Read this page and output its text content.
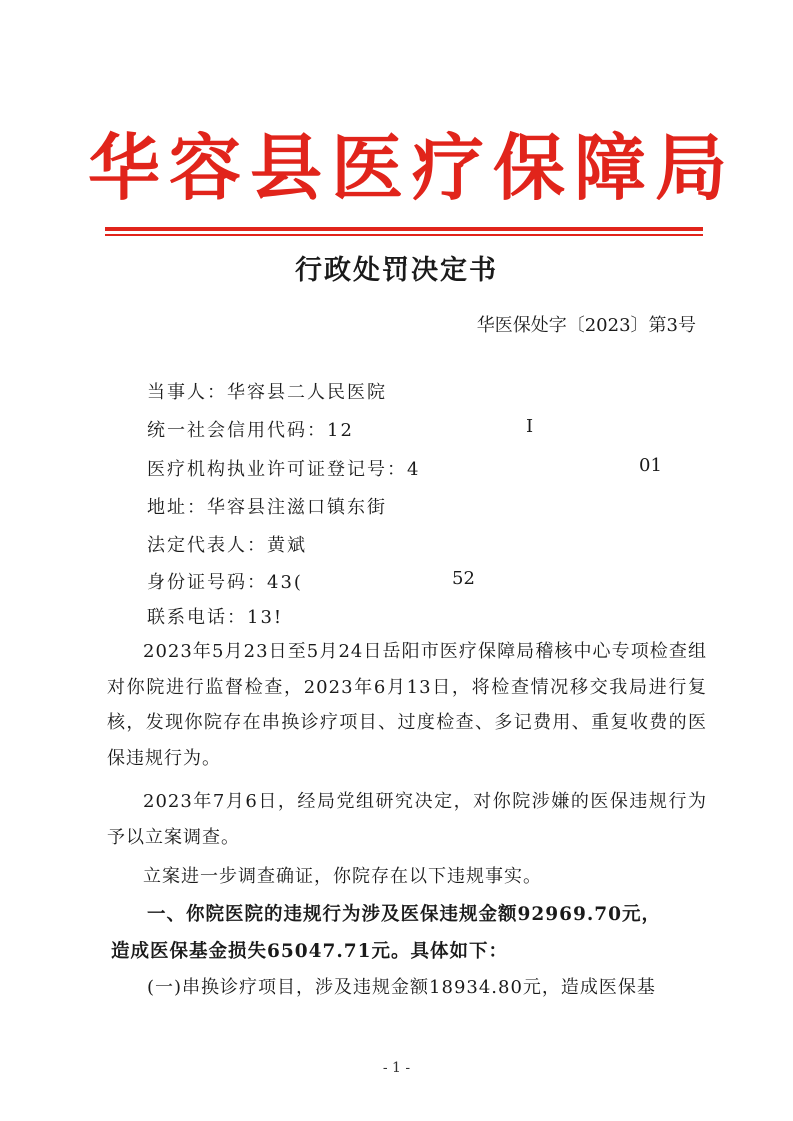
华容县医疗保障局
行政处罚决定书
华医保处字〔2023〕第3号
当事人：华容县二人民医院
统一社会信用代码：12	I
医疗机构执业许可证登记号：4	01
地址：华容县注滋口镇东街
法定代表人：黄斌
身份证号码：43(	52
联系电话：13!

2023年5月23日至5月24日岳阳市医疗保障局稽核中心专项检查组对你院进行监督检查，2023年6月13日，将检查情况移交我局进行复核，发现你院存在串换诊疗项目、过度检查、多记费用、重复收费的医保违规行为。

2023年7月6日，经局党组研究决定，对你院涉嫌的医保违规行为予以立案调查。

立案进一步调查确证，你院存在以下违规事实。

一、你院医院的违规行为涉及医保违规金额92969.70元，
造成医保基金损失65047.71元。具体如下：
(一)串换诊疗项目，涉及违规金额18934.80元，造成医保基
- 1 -
